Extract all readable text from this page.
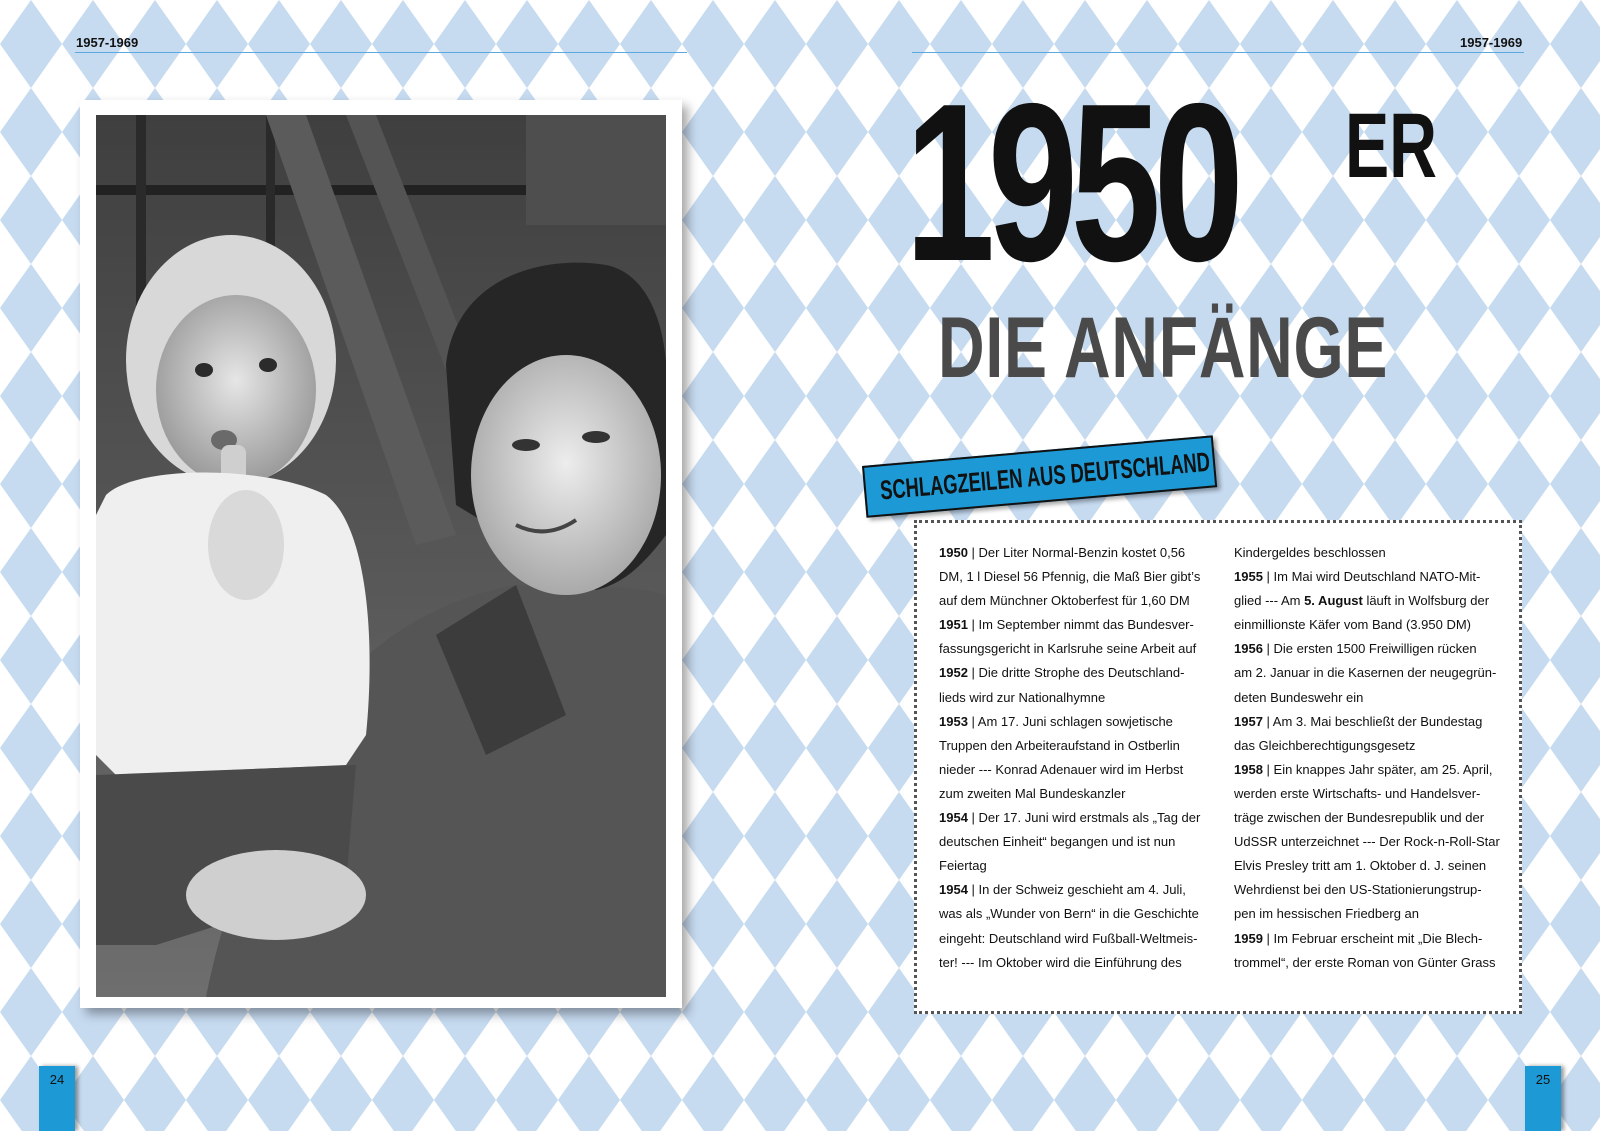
1957-1969	1957-1969
1950 ER
DIE ANFÄNGE

1950 | Der Liter Normal-Benzin kostet 0,56

DM, 1 l Diesel 56 Pfennig, die Maß Bier gibt’s

auf dem Münchner Oktoberfest für 1,60 DM

1951 | Im September nimmt das Bundesver-

fassungsgericht in Karlsruhe seine Arbeit auf

1952 | Die dritte Strophe des Deutschland-

lieds wird zur Nationalhymne

1953 | Am 17. Juni schlagen sowjetische

Truppen den Arbeiteraufstand in Ostberlin

nieder --- Konrad Adenauer wird im Herbst

zum zweiten Mal Bundeskanzler

1954 | Der 17. Juni wird erstmals als „Tag der

deutschen Einheit“ begangen und ist nun

Feiertag

1954 | In der Schweiz geschieht am 4. Juli,

was als „Wunder von Bern“ in die Geschichte

eingeht: Deutschland wird Fußball-Weltmeis-

ter! --- Im Oktober wird die Einführung des

Kindergeldes beschlossen

1955 | Im Mai wird Deutschland NATO-Mit-

glied --- Am 5. August läuft in Wolfsburg der

einmillionste Käfer vom Band (3.950 DM)

1956 | Die ersten 1500 Freiwilligen rücken

am 2. Januar in die Kasernen der neugegrün-

deten Bundeswehr ein

1957 | Am 3. Mai beschließt der Bundestag

das Gleichberechtigungsgesetz

1958 | Ein knappes Jahr später, am 25. April,

werden erste Wirtschafts- und Handelsver-

träge zwischen der Bundesrepublik und der

UdSSR unterzeichnet --- Der Rock-n-Roll-Star

Elvis Presley tritt am 1. Oktober d. J. seinen

Wehrdienst bei den US-Stationierungstrup-

pen im hessischen Friedberg an

1959 | Im Februar erscheint mit „Die Blech-

trommel“, der erste Roman von Günter Grass

SCHLAGZEILEN AUS DEUTSCHLAND
24	25
